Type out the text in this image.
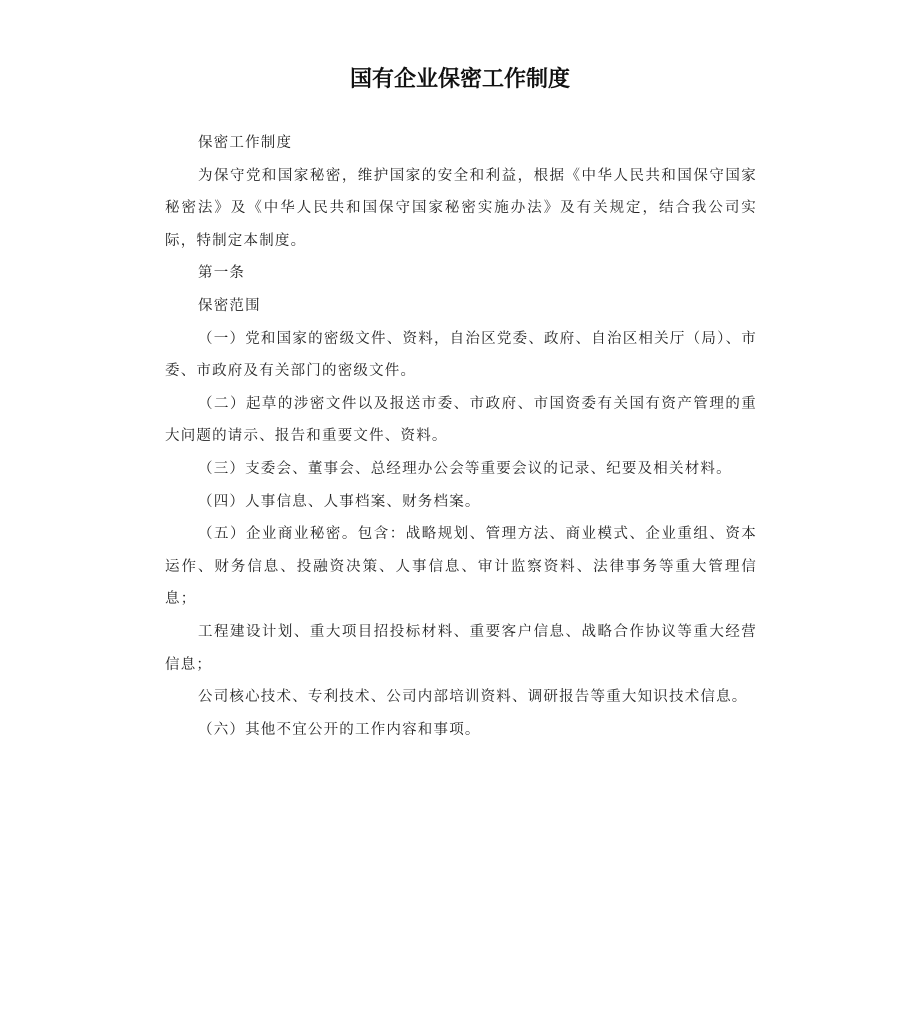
国有企业保密工作制度

保密工作制度

为保守党和国家秘密，维护国家的安全和利益，根据《中华人民共和国保守国家秘密法》及《中华人民共和国保守国家秘密实施办法》及有关规定，结合我公司实际，特制定本制度。

第一条

保密范围

（一）党和国家的密级文件、资料，自治区党委、政府、自治区相关厅（局）、市委、市政府及有关部门的密级文件。

（二）起草的涉密文件以及报送市委、市政府、市国资委有关国有资产管理的重大问题的请示、报告和重要文件、资料。

（三）支委会、董事会、总经理办公会等重要会议的记录、纪要及相关材料。

（四）人事信息、人事档案、财务档案。

（五）企业商业秘密。包含：战略规划、管理方法、商业模式、企业重组、资本运作、财务信息、投融资决策、人事信息、审计监察资料、法律事务等重大管理信息；

工程建设计划、重大项目招投标材料、重要客户信息、战略合作协议等重大经营信息；

公司核心技术、专利技术、公司内部培训资料、调研报告等重大知识技术信息。

（六）其他不宜公开的工作内容和事项。
